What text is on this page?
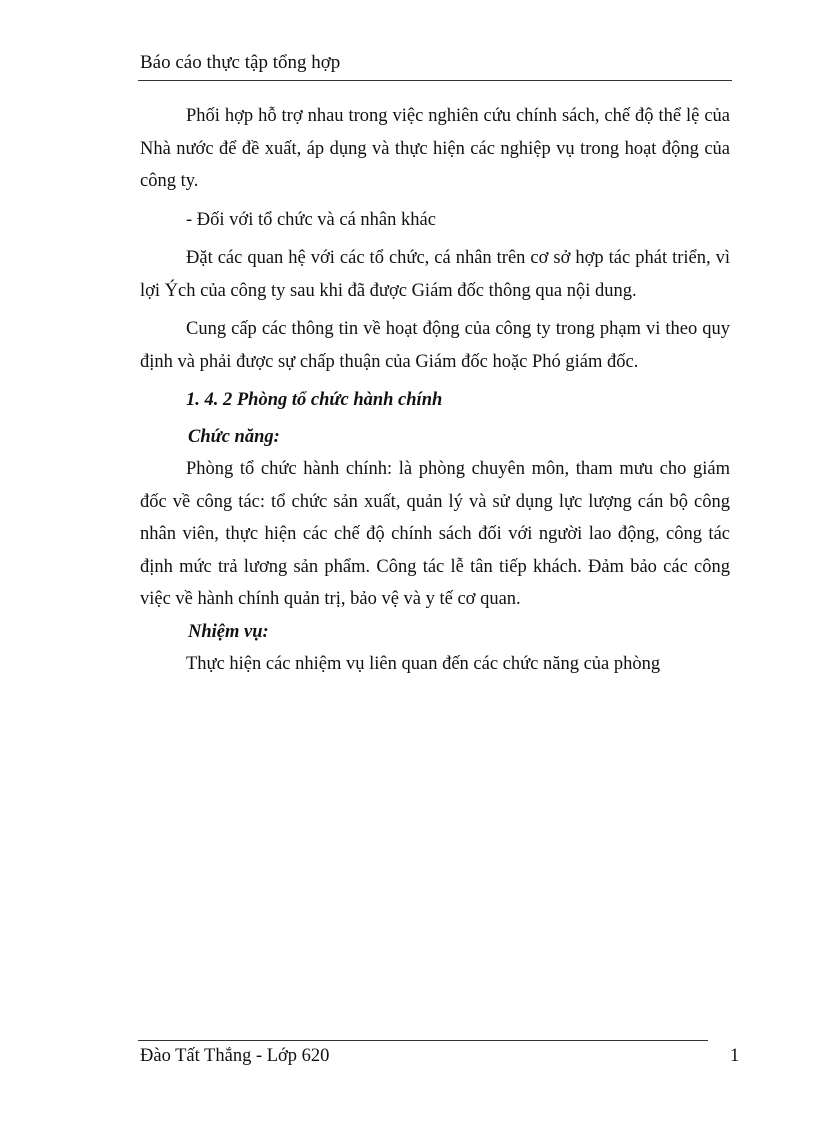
Báo cáo thực tập tổng hợp

Phối hợp hỗ trợ nhau trong việc nghiên cứu chính sách, chế độ thể lệ của Nhà nước để đề xuất, áp dụng và thực hiện các nghiệp vụ trong hoạt động của công ty.

- Đối với tổ chức và cá nhân khác

Đặt các quan hệ với các tổ chức, cá nhân trên cơ sở hợp tác phát triển, vì lợi Ých của công ty sau khi đã được Giám đốc thông qua nội dung.

Cung cấp các thông tin về hoạt động của công ty trong phạm vi theo quy định và phải được sự chấp thuận của Giám đốc hoặc Phó giám đốc.

1. 4. 2 Phòng tổ chức hành chính

Chức năng:

Phòng tổ chức hành chính: là phòng chuyên môn, tham mưu cho giám đốc về công tác: tổ chức sản xuất, quản lý và sử dụng lực lượng cán bộ công nhân viên, thực hiện các chế độ chính sách đối với người lao động, công tác định mức trả lương sản phẩm. Công tác lễ tân tiếp khách. Đảm bảo các công việc về hành chính quản trị, bảo vệ và y tế cơ quan.

Nhiệm vụ:

Thực hiện các nhiệm vụ liên quan đến các chức năng của phòng

Đào Tất Thắng - Lớp 620	1
